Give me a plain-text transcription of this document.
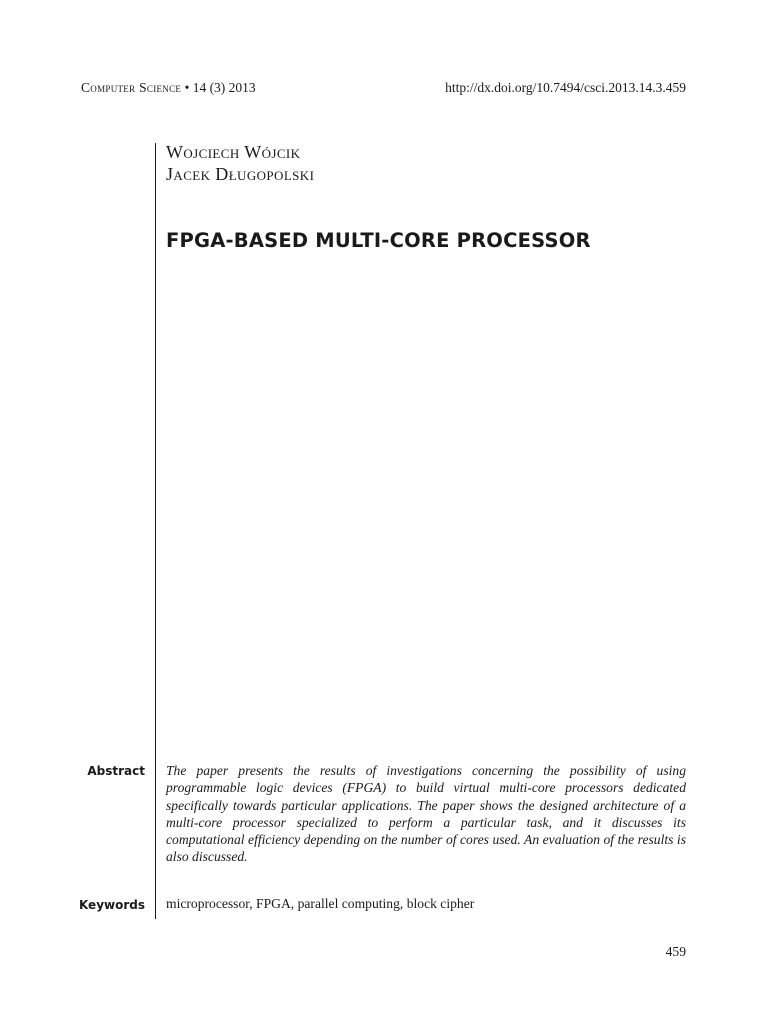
Computer Science • 14 (3) 2013	http://dx.doi.org/10.7494/csci.2013.14.3.459
Wojciech Wójcik
Jacek Długopolski
FPGA-BASED MULTI-CORE PROCESSOR
Abstract The paper presents the results of investigations concerning the possibility of using programmable logic devices (FPGA) to build virtual multi-core processors dedicated specifically towards particular applications. The paper shows the designed architecture of a multi-core processor specialized to perform a particular task, and it discusses its computational efficiency depending on the number of cores used. An evaluation of the results is also discussed.
Keywords microprocessor, FPGA, parallel computing, block cipher
459
